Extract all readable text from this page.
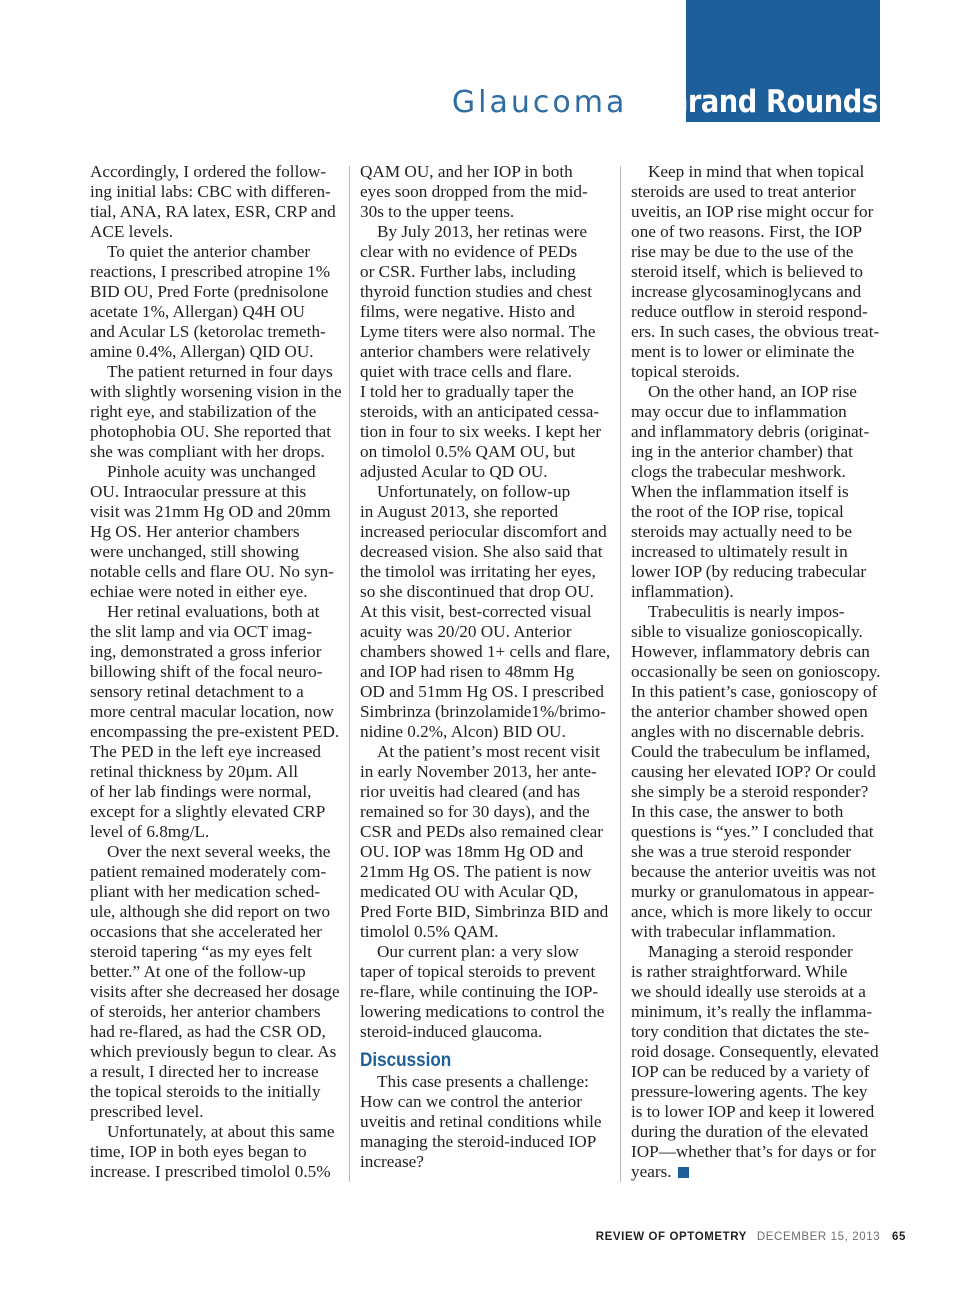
Glaucoma Grand Rounds
Accordingly, I ordered the follow-
ing initial labs: CBC with differen-
tial, ANA, RA latex, ESR, CRP and
ACE levels.
To quiet the anterior chamber
reactions, I prescribed atropine 1%
BID OU, Pred Forte (prednisolone
acetate 1%, Allergan) Q4H OU
and Acular LS (ketorolac tremeth-
amine 0.4%, Allergan) QID OU.
The patient returned in four days
with slightly worsening vision in the
right eye, and stabilization of the
photophobia OU. She reported that
she was compliant with her drops.
Pinhole acuity was unchanged
OU. Intraocular pressure at this
visit was 21mm Hg OD and 20mm
Hg OS. Her anterior chambers
were unchanged, still showing
notable cells and flare OU. No syn-
echiae were noted in either eye.
Her retinal evaluations, both at
the slit lamp and via OCT imag-
ing, demonstrated a gross inferior
billowing shift of the focal neuro-
sensory retinal detachment to a
more central macular location, now
encompassing the pre-existent PED.
The PED in the left eye increased
retinal thickness by 20µm. All
of her lab findings were normal,
except for a slightly elevated CRP
level of 6.8mg/L.
Over the next several weeks, the
patient remained moderately com-
pliant with her medication sched-
ule, although she did report on two
occasions that she accelerated her
steroid tapering “as my eyes felt
better.” At one of the follow-up
visits after she decreased her dosage
of steroids, her anterior chambers
had re-flared, as had the CSR OD,
which previously begun to clear. As
a result, I directed her to increase
the topical steroids to the initially
prescribed level.
Unfortunately, at about this same
time, IOP in both eyes began to
increase. I prescribed timolol 0.5%
QAM OU, and her IOP in both
eyes soon dropped from the mid-
30s to the upper teens.
By July 2013, her retinas were
clear with no evidence of PEDs
or CSR. Further labs, including
thyroid function studies and chest
films, were negative. Histo and
Lyme titers were also normal. The
anterior chambers were relatively
quiet with trace cells and flare.
I told her to gradually taper the
steroids, with an anticipated cessa-
tion in four to six weeks. I kept her
on timolol 0.5% QAM OU, but
adjusted Acular to QD OU.
Unfortunately, on follow-up
in August 2013, she reported
increased periocular discomfort and
decreased vision. She also said that
the timolol was irritating her eyes,
so she discontinued that drop OU.
At this visit, best-corrected visual
acuity was 20/20 OU. Anterior
chambers showed 1+ cells and flare,
and IOP had risen to 48mm Hg
OD and 51mm Hg OS. I prescribed
Simbrinza (brinzolamide1%/brimo-
nidine 0.2%, Alcon) BID OU.
At the patient’s most recent visit
in early November 2013, her ante-
rior uveitis had cleared (and has
remained so for 30 days), and the
CSR and PEDs also remained clear
OU. IOP was 18mm Hg OD and
21mm Hg OS. The patient is now
medicated OU with Acular QD,
Pred Forte BID, Simbrinza BID and
timolol 0.5% QAM.
Our current plan: a very slow
taper of topical steroids to prevent
re-flare, while continuing the IOP-
lowering medications to control the
steroid-induced glaucoma.
Discussion
This case presents a challenge:
How can we control the anterior
uveitis and retinal conditions while
managing the steroid-induced IOP
increase?
Keep in mind that when topical
steroids are used to treat anterior
uveitis, an IOP rise might occur for
one of two reasons. First, the IOP
rise may be due to the use of the
steroid itself, which is believed to
increase glycosaminoglycans and
reduce outflow in steroid respond-
ers. In such cases, the obvious treat-
ment is to lower or eliminate the
topical steroids.
On the other hand, an IOP rise
may occur due to inflammation
and inflammatory debris (originat-
ing in the anterior chamber) that
clogs the trabecular meshwork.
When the inflammation itself is
the root of the IOP rise, topical
steroids may actually need to be
increased to ultimately result in
lower IOP (by reducing trabecular
inflammation).
Trabeculitis is nearly impos-
sible to visualize gonioscopically.
However, inflammatory debris can
occasionally be seen on gonioscopy.
In this patient’s case, gonioscopy of
the anterior chamber showed open
angles with no discernable debris.
Could the trabeculum be inflamed,
causing her elevated IOP? Or could
she simply be a steroid responder?
In this case, the answer to both
questions is “yes.” I concluded that
she was a true steroid responder
because the anterior uveitis was not
murky or granulomatous in appear-
ance, which is more likely to occur
with trabecular inflammation.
Managing a steroid responder
is rather straightforward. While
we should ideally use steroids at a
minimum, it’s really the inflamma-
tory condition that dictates the ste-
roid dosage. Consequently, elevated
IOP can be reduced by a variety of
pressure-lowering agents. The key
is to lower IOP and keep it lowered
during the duration of the elevated
IOP—whether that’s for days or for
years.
REVIEW OF OPTOMETRY DECEMBER 15, 2013 65
